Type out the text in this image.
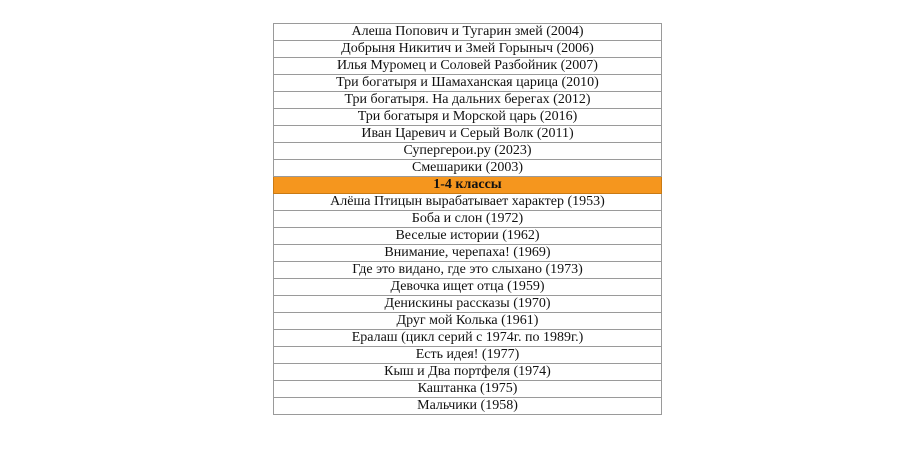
Алеша Попович и Тугарин змей (2004)
Добрыня Никитич и Змей Горыныч (2006)
Илья Муромец и Соловей Разбойник (2007)
Три богатыря и Шамаханская царица (2010)
Три богатыря. На дальних берегах (2012)
Три богатыря и Морской царь (2016)
Иван Царевич и Серый Волк (2011)
Супергерои.ру (2023)
Смешарики (2003)
1-4 классы
Алёша Птицын вырабатывает характер (1953)
Боба и слон (1972)
Веселые истории (1962)
Внимание, черепаха! (1969)
Где это видано, где это слыхано (1973)
Девочка ищет отца (1959)
Денискины рассказы (1970)
Друг мой Колька (1961)
Ералаш (цикл серий с 1974г. по 1989г.)
Есть идея! (1977)
Кыш и Два портфеля (1974)
Каштанка (1975)
Мальчики (1958)
